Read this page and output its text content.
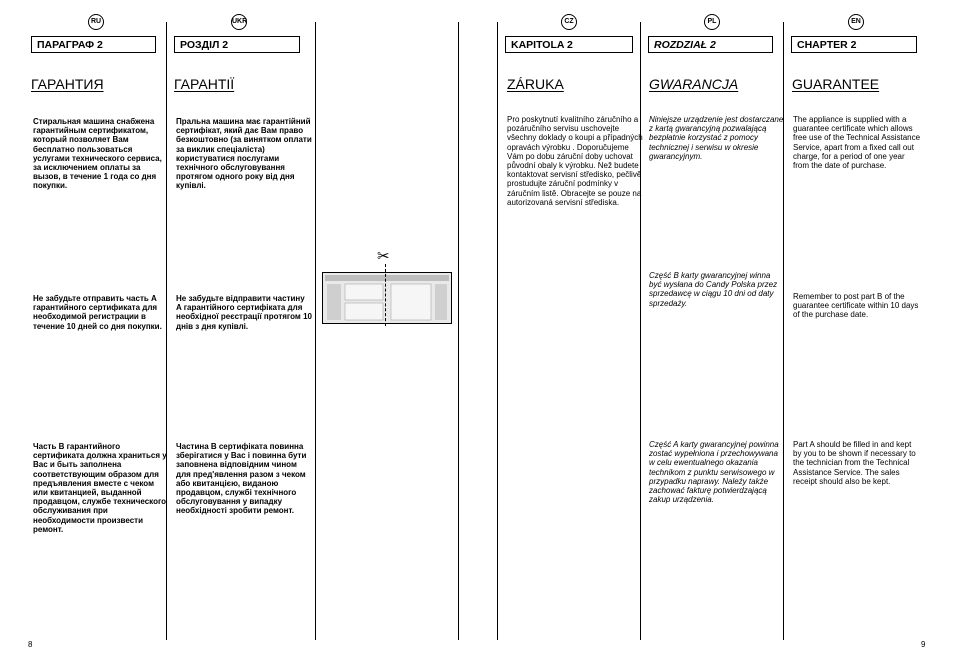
RU
ПАРАГРАФ 2
ГАРАНТИЯ
Стиральная машина снабжена гарантийным сертификатом, который позволяет Вам бесплатно пользоваться услугами технического сервиса, за исключением оплаты за вызов, в течение 1 года со дня покупки.
Не забудьте отправить часть A гарантийного сертификата для необходимой регистрации в течение 10 дней со дня покупки.
Часть B гарантийного сертификата должна храниться у Вас и быть заполнена соответствующим образом для предъявления вместе с чеком или квитанцией, выданной продавцом, службе технического обслуживания при необходимости произвести ремонт.
UKR
РОЗДІЛ 2
ГАРАНТІЇ
Пральна машина має гарантійний сертифікат, який дає Вам право безкоштовно (за винятком оплати за виклик спеціаліста) користуватися послугами технічного обслуговування протягом одного року від дня купівлі.
Не забудьте відправити частину A гарантійного сертифіката для необхідної реєстрації протягом 10 днів з дня купівлі.
Частина B сертифіката повинна зберігатися у Вас і повинна бути заповнена відповідним чином для пред'явлення разом з чеком або квитанцією, виданою продавцом, службі технічного обслуговування у випадку необхідності зробити ремонт.
✂
CZ
KAPITOLA 2
ZÁRUKA
Pro poskytnutí kvalitního záručního a pozáručního servisu uschovejte všechny doklady o koupi a případných opravách výrobku . Doporučujeme Vám po dobu záruční doby uchovat původní obaly k výrobku. Než budete kontaktovat servisní středisko, pečlivě prostudujte záruční podmínky v záručním listě. Obracejte se pouze na autorizovaná servisní střediska.
PL
ROZDZIAŁ 2
GWARANCJA
Niniejsze urządzenie jest dostarczane z kartą gwarancyjną pozwalającą bezpłatnie korzystać z pomocy technicznej i serwisu w okresie gwarancyjnym.
Część B karty gwarancyjnej winna być wysłana do Candy Polska przez sprzedawcę w ciągu 10 dni od daty sprzedaży.
Część A karty gwarancyjnej powinna zostać wypełniona i przechowywana w celu ewentualnego okazania technikom z punktu serwisowego w przypadku naprawy. Należy także zachować fakturę potwierdzającą zakup urządzenia.
EN
CHAPTER 2
GUARANTEE
The appliance is supplied with a guarantee certificate which allows free use of the Technical Assistance Service, apart from a fixed call out charge, for a period of one year from the date of purchase.
Remember to post part B of the guarantee certificate within 10 days of the purchase date.
Part A should be filled in and kept by you to be shown if necessary to the technician from the Technical Assistance Service. The sales receipt should also be kept.
8	9
